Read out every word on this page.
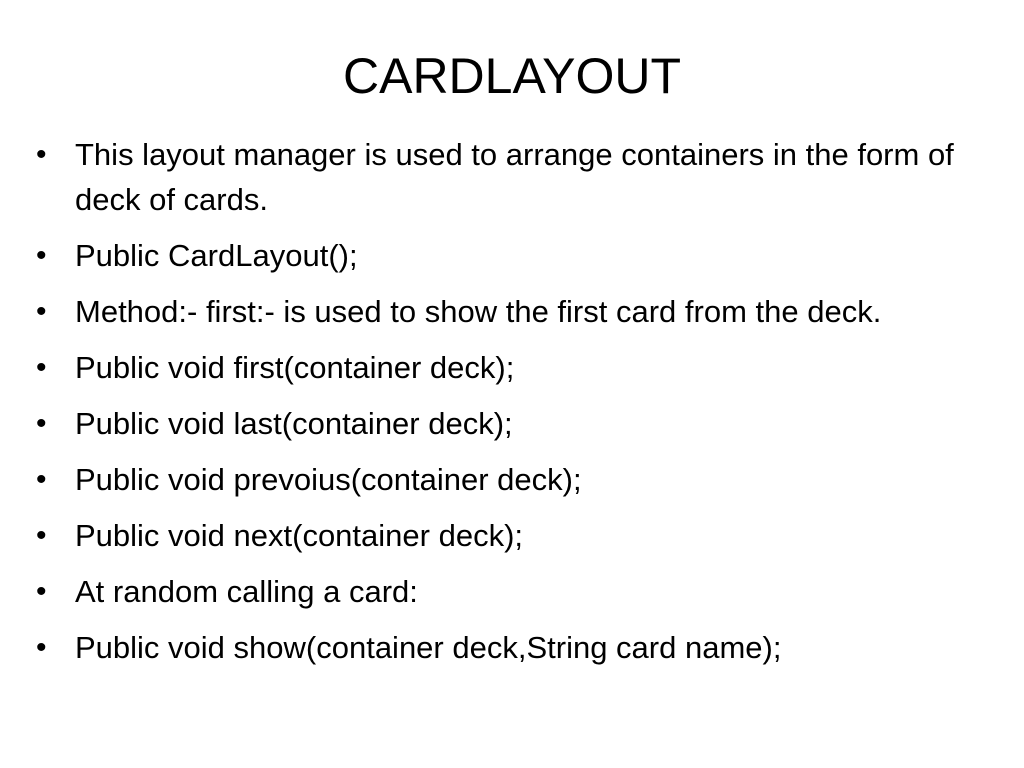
CARDLAYOUT
• This layout manager is used to arrange containers in the form of deck of cards.
• Public CardLayout();
• Method:- first:- is used to show the first card from the deck.
• Public void first(container deck);
• Public void last(container deck);
• Public void prevoius(container deck);
• Public void next(container deck);
• At random calling a card:
• Public void show(container deck,String card name);
